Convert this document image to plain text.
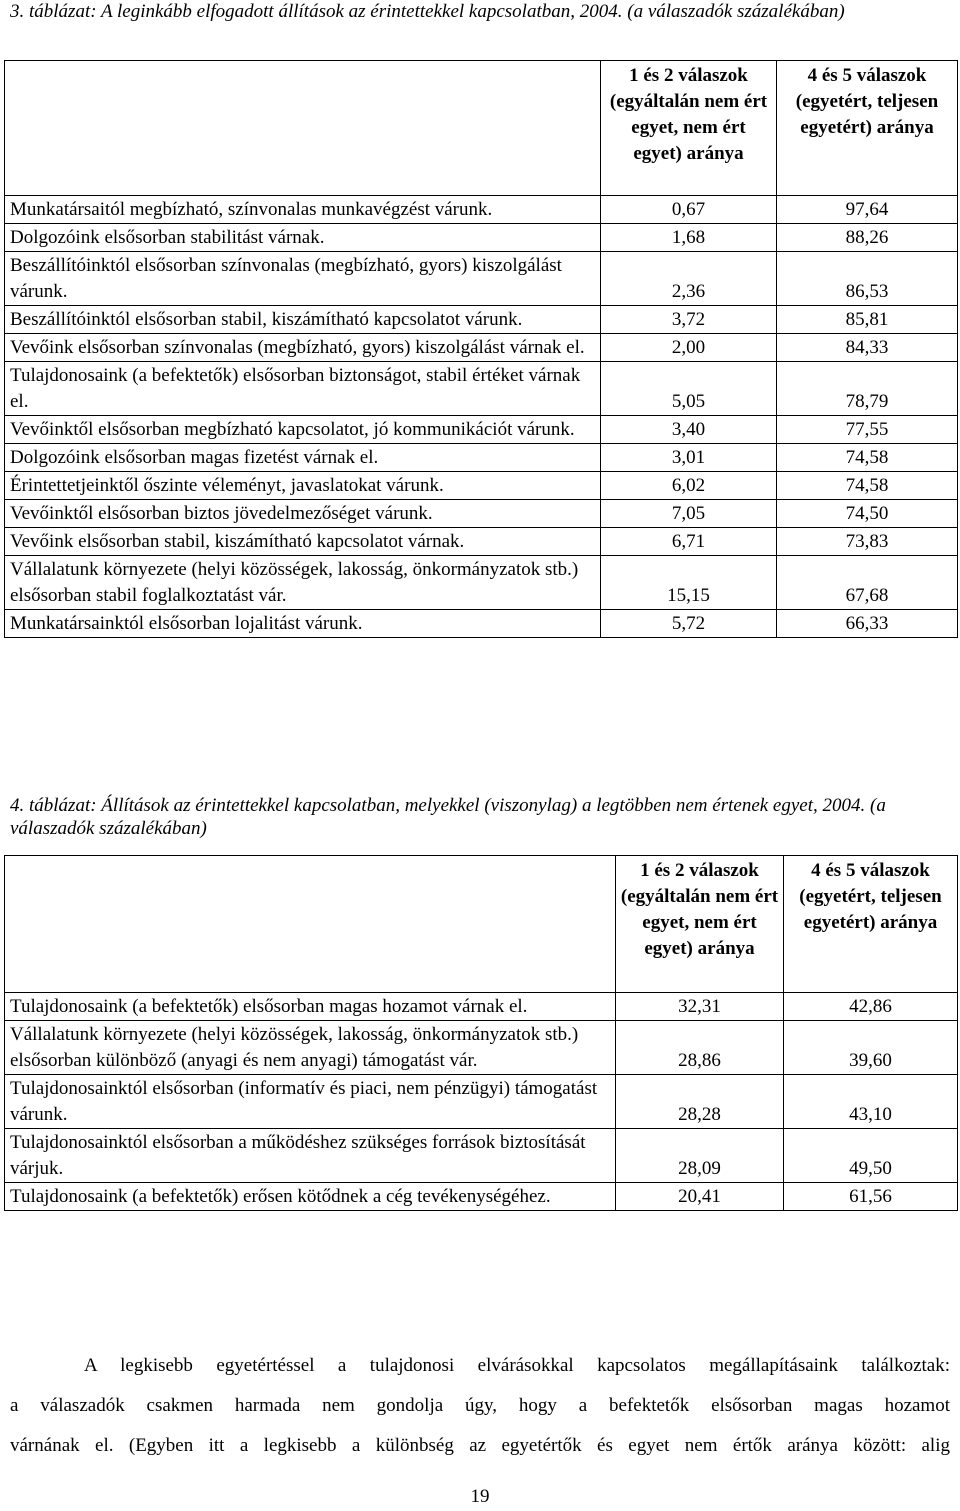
3. táblázat: A leginkább elfogadott állítások az érintettekkel kapcsolatban, 2004. (a válaszadók százalékában)

	1 és 2 válaszok (egyáltalán nem ért egyet, nem ért egyet) aránya	4 és 5 válaszok (egyetért, teljesen egyetért) aránya
Munkatársaitól megbízható, színvonalas munkavégzést várunk.	0,67	97,64
Dolgozóink elsősorban stabilitást várnak.	1,68	88,26
Beszállítóinktól elsősorban színvonalas (megbízható, gyors) kiszolgálást várunk.	2,36	86,53
Beszállítóinktól elsősorban stabil, kiszámítható kapcsolatot várunk.	3,72	85,81
Vevőink elsősorban színvonalas (megbízható, gyors) kiszolgálást várnak el.	2,00	84,33
Tulajdonosaink (a befektetők) elsősorban biztonságot, stabil értéket várnak el.	5,05	78,79
Vevőinktől elsősorban megbízható kapcsolatot, jó kommunikációt várunk.	3,40	77,55
Dolgozóink elsősorban magas fizetést várnak el.	3,01	74,58
Érintettetjeinktől őszinte véleményt, javaslatokat várunk.	6,02	74,58
Vevőinktől elsősorban biztos jövedelmezőséget várunk.	7,05	74,50
Vevőink elsősorban stabil, kiszámítható kapcsolatot várnak.	6,71	73,83
Vállalatunk környezete (helyi közösségek, lakosság, önkormányzatok stb.) elsősorban stabil foglalkoztatást vár.	15,15	67,68
Munkatársainktól elsősorban lojalitást várunk.	5,72	66,33

4. táblázat: Állítások az érintettekkel kapcsolatban, melyekkel (viszonylag) a legtöbben nem értenek egyet, 2004. (a válaszadók százalékában)

	1 és 2 válaszok (egyáltalán nem ért egyet, nem ért egyet) aránya	4 és 5 válaszok (egyetért, teljesen egyetért) aránya
Tulajdonosaink (a befektetők) elsősorban magas hozamot várnak el.	32,31	42,86
Vállalatunk környezete (helyi közösségek, lakosság, önkormányzatok stb.) elsősorban különböző (anyagi és nem anyagi) támogatást vár.	28,86	39,60
Tulajdonosainktól elsősorban (informatív és piaci, nem pénzügyi) támogatást várunk.	28,28	43,10
Tulajdonosainktól elsősorban a működéshez szükséges források biztosítását várjuk.	28,09	49,50
Tulajdonosaink (a befektetők) erősen kötődnek a cég tevékenységéhez.	20,41	61,56
A legkisebb egyetértéssel a tulajdonosi elvárásokkal kapcsolatos megállapításaink találkoztak:
a válaszadók csakmen harmada nem gondolja úgy, hogy a befektetők elsősorban magas hozamot
várnának el. (Egyben itt a legkisebb a különbség az egyetértők és egyet nem értők aránya között: alig
19
